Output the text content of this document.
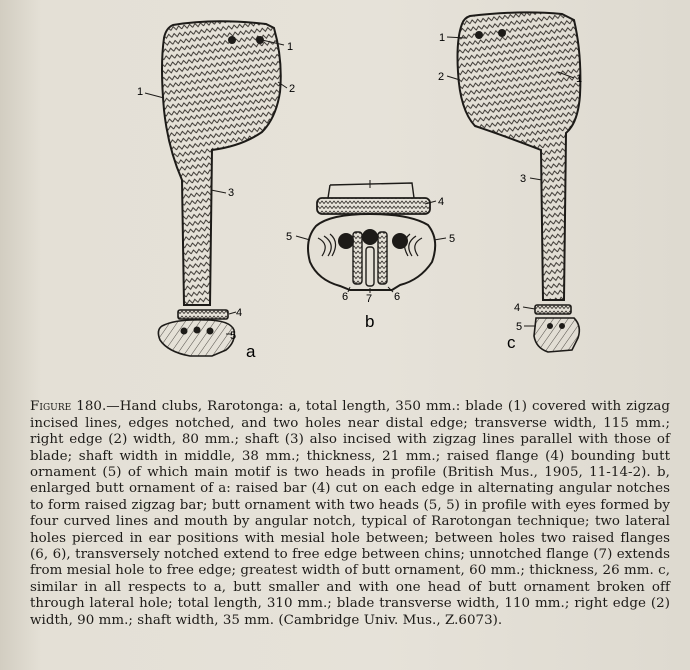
1
1	2
3
4
5
a
4
5	5
6 7 6
b
1
2	1
3
4
5
c

Figure 180.—Hand clubs, Rarotonga: a, total length, 350 mm.: blade (1) covered with zigzag incised lines, edges notched, and two holes near distal edge; transverse width, 115 mm.; right edge (2) width, 80 mm.; shaft (3) also incised with zigzag lines parallel with those of blade; shaft width in middle, 38 mm.; thickness, 21 mm.; raised flange (4) bounding butt ornament (5) of which main motif is two heads in profile (British Mus., 1905, 11-14-2). b, enlarged butt ornament of a: raised bar (4) cut on each edge in alternating angular notches to form raised zigzag bar; butt ornament with two heads (5, 5) in profile with eyes formed by four curved lines and mouth by angular notch, typical of Rarotongan technique; two lateral holes pierced in ear positions with mesial hole between; between holes two raised flanges (6, 6), transversely notched extend to free edge between chins; unnotched flange (7) extends from mesial hole to free edge; greatest width of butt ornament, 60 mm.; thickness, 26 mm. c, similar in all respects to a, butt smaller and with one head of butt ornament broken off through lateral hole; total length, 310 mm.; blade transverse width, 110 mm.; right edge (2) width, 90 mm.; shaft width, 35 mm. (Cambridge Univ. Mus., Z.6073).
